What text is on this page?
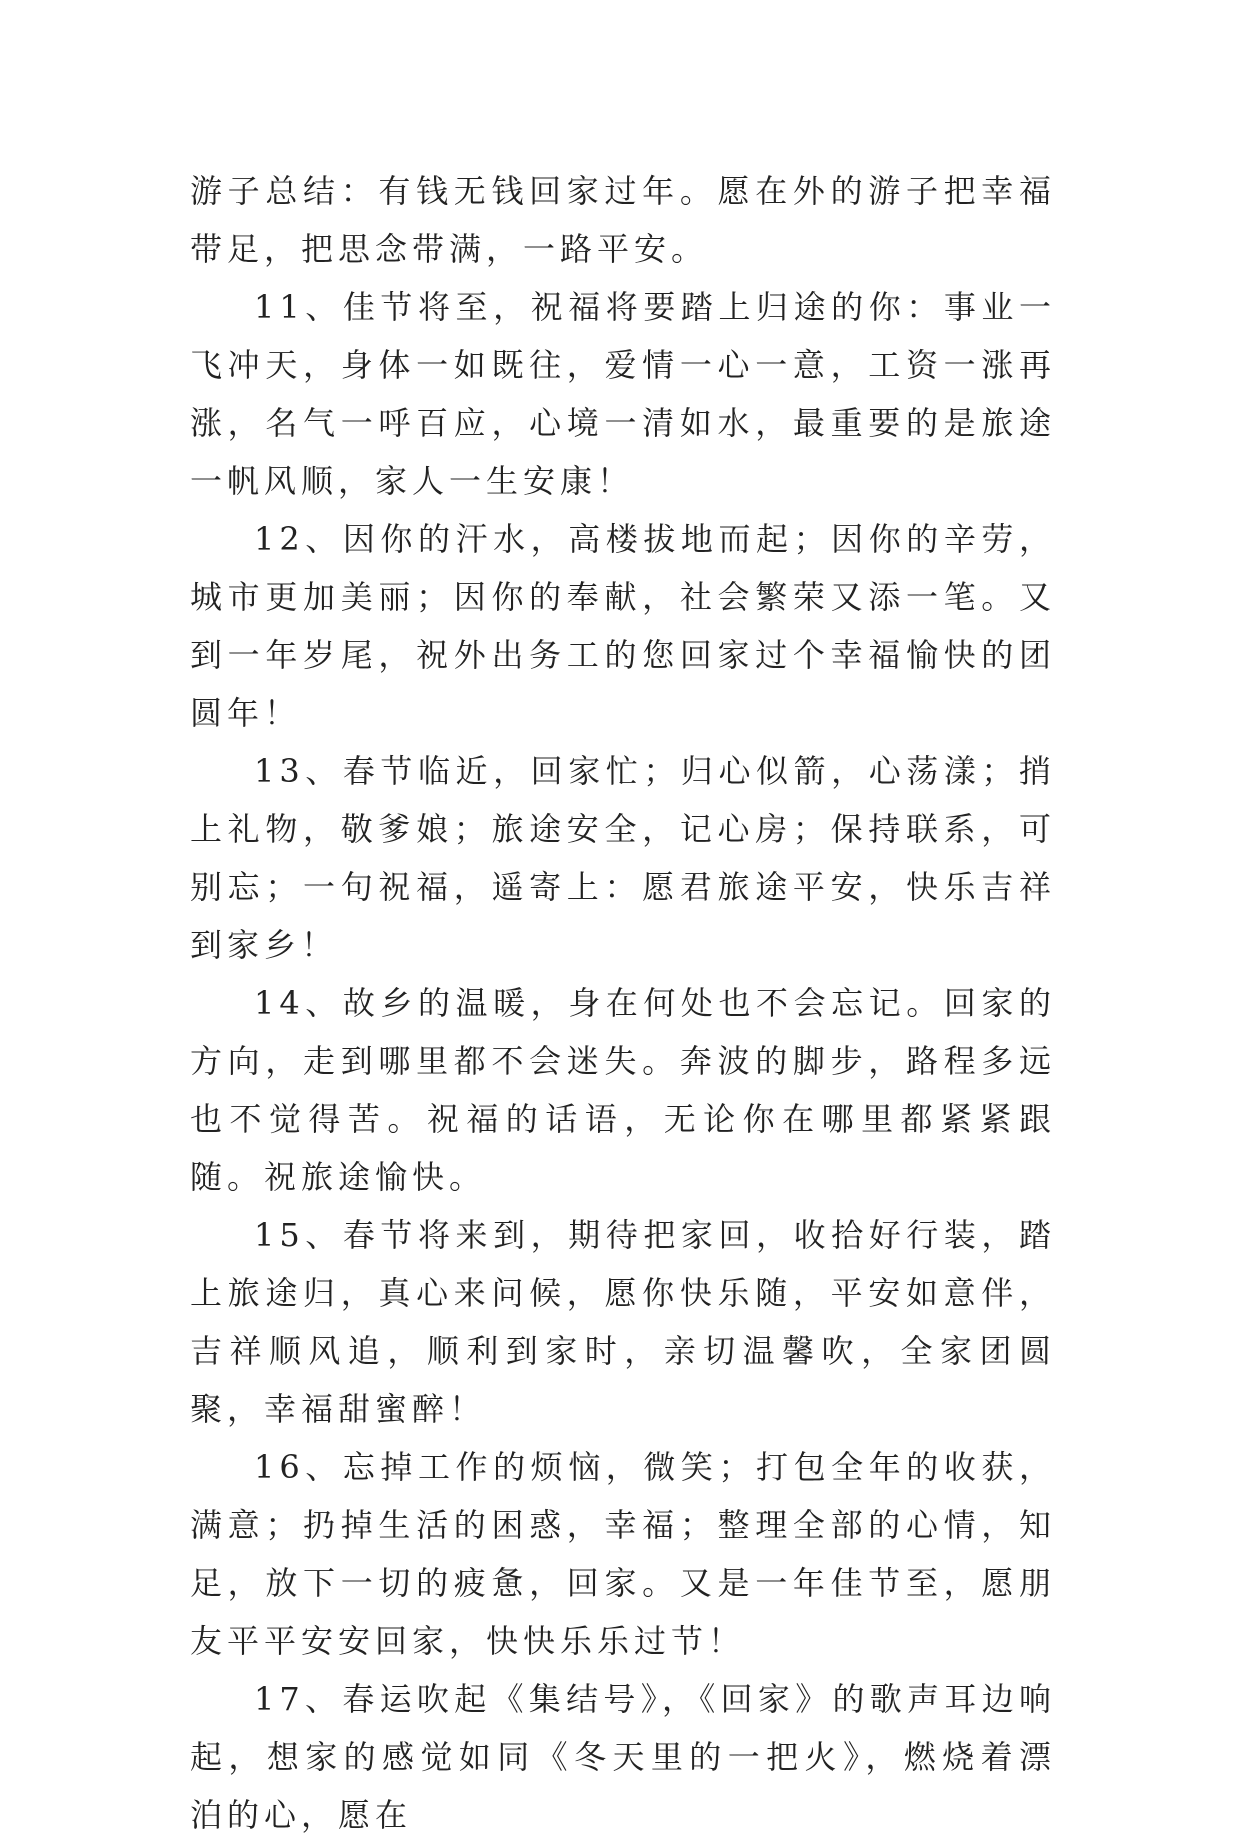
游子总结：有钱无钱回家过年。愿在外的游子把幸福带足，把思念带满，一路平安。

11、佳节将至，祝福将要踏上归途的你：事业一飞冲天，身体一如既往，爱情一心一意，工资一涨再涨，名气一呼百应，心境一清如水，最重要的是旅途一帆风顺，家人一生安康！

12、因你的汗水，高楼拔地而起；因你的辛劳，城市更加美丽；因你的奉献，社会繁荣又添一笔。又到一年岁尾，祝外出务工的您回家过个幸福愉快的团圆年！

13、春节临近，回家忙；归心似箭，心荡漾；捎上礼物，敬爹娘；旅途安全，记心房；保持联系，可别忘；一句祝福，遥寄上：愿君旅途平安，快乐吉祥到家乡！

14、故乡的温暖，身在何处也不会忘记。回家的方向，走到哪里都不会迷失。奔波的脚步，路程多远也不觉得苦。祝福的话语，无论你在哪里都紧紧跟随。祝旅途愉快。

15、春节将来到，期待把家回，收拾好行装，踏上旅途归，真心来问候，愿你快乐随，平安如意伴，吉祥顺风追，顺利到家时，亲切温馨吹，全家团圆聚，幸福甜蜜醉！

16、忘掉工作的烦恼，微笑；打包全年的收获，满意；扔掉生活的困惑，幸福；整理全部的心情，知足，放下一切的疲惫，回家。又是一年佳节至，愿朋友平平安安回家，快快乐乐过节！

17、春运吹起《集结号》，《回家》的歌声耳边响起，想家的感觉如同《冬天里的一把火》，燃烧着漂泊的心，愿在
